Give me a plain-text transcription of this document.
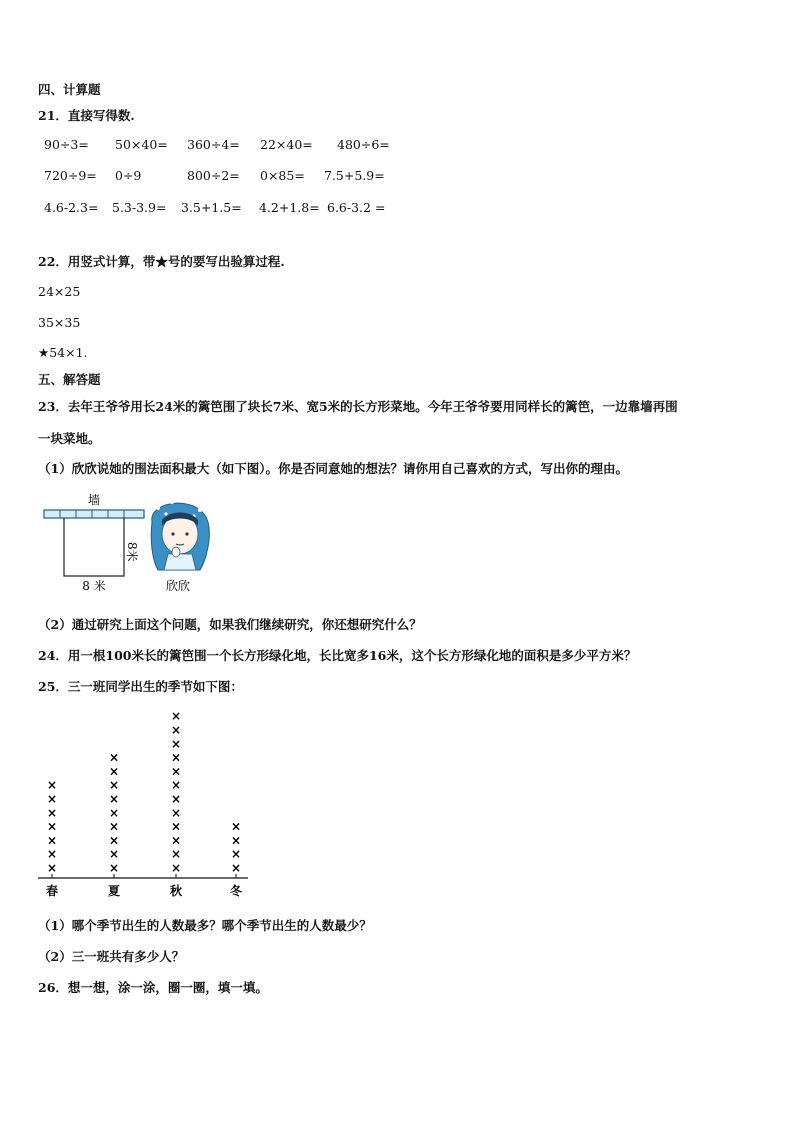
四、计算题
21．直接写得数.
90÷3= 50×40= 360÷4= 22×40= 480÷6=
720÷9= 0÷9	800÷2= 0×85= 7.5+5.9=
4.6-2.3= 5.3-3.9= 3.5+1.5= 4.2+1.8= 6.6-3.2 =
22．用竖式计算，带★号的要写出验算过程.
24×25
35×35
★54×1.
五、解答题
23．去年王爷爷用长24米的篱笆围了块长7米、宽5米的长方形菜地。今年王爷爷要用同样长的篱笆，一边靠墙再围
一块菜地。
（1）欣欣说她的围法面积最大（如下图）。你是否同意她的想法？请你用自己喜欢的方式，写出你的理由。
墙
8米
8 米	欣欣
（2）通过研究上面这个问题，如果我们继续研究，你还想研究什么？
24．用一根100米长的篱笆围一个长方形绿化地，长比宽多16米，这个长方形绿化地的面积是多少平方米？
25．三一班同学出生的季节如下图：
×
×
×
×
×
×
×
春
×
×
×
×
×
×
×
×
×
夏
×
×
×
×
×
×
×
×
×
×
×
×
秋
×
×
×
×
冬
（1）哪个季节出生的人数最多？哪个季节出生的人数最少？
（2）三一班共有多少人？
26．想一想，涂一涂，圈一圈，填一填。
